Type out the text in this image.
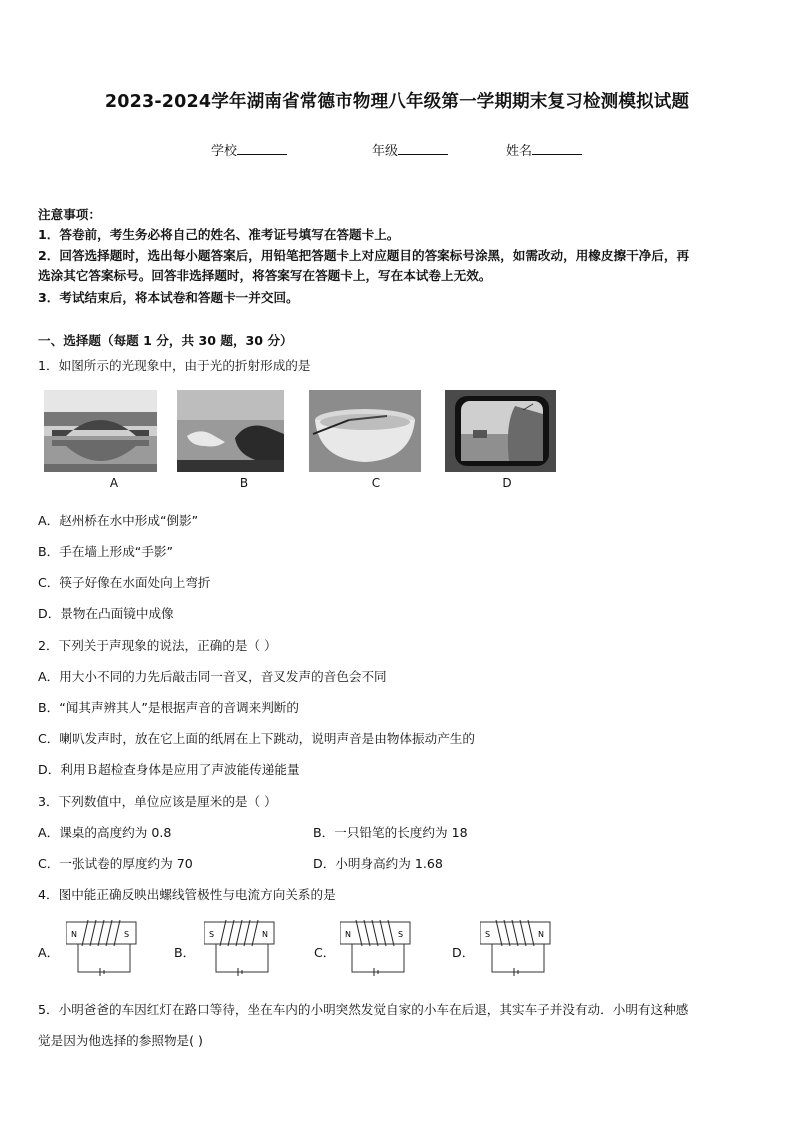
2023-2024学年湖南省常德市物理八年级第一学期期末复习检测模拟试题
学校	年级	姓名
注意事项：
1．答卷前，考生务必将自己的姓名、准考证号填写在答题卡上。
2．回答选择题时，选出每小题答案后，用铅笔把答题卡上对应题目的答案标号涂黑，如需改动，用橡皮擦干净后，再
选涂其它答案标号。回答非选择题时，将答案写在答题卡上，写在本试卷上无效。
3．考试结束后，将本试卷和答题卡一并交回。
一、选择题（每题 1 分，共 30 题，30 分）
1．如图所示的光现象中，由于光的折射形成的是
A	B	C	D
A．赵州桥在水中形成“倒影”
B．手在墙上形成“手影”
C．筷子好像在水面处向上弯折
D．景物在凸面镜中成像
2．下列关于声现象的说法，正确的是（ ）
A．用大小不同的力先后敲击同一音叉，音叉发声的音色会不同
B．“闻其声辨其人”是根据声音的音调来判断的
C．喇叭发声时，放在它上面的纸屑在上下跳动，说明声音是由物体振动产生的
D．利用Ｂ超检查身体是应用了声波能传递能量
3．下列数值中，单位应该是厘米的是（ ）
A．课桌的高度约为 0.8	B．一只铅笔的长度约为 18
C．一张试卷的厚度约为 70	D．小明身高约为 1.68
4．图中能正确反映出螺线管极性与电流方向关系的是
A．	B．	C．	D．
N	S	S	N	N	S	S	N
5．小明爸爸的车因红灯在路口等待，坐在车内的小明突然发觉自家的小车在后退，其实车子并没有动．小明有这种感
觉是因为他选择的参照物是( )
